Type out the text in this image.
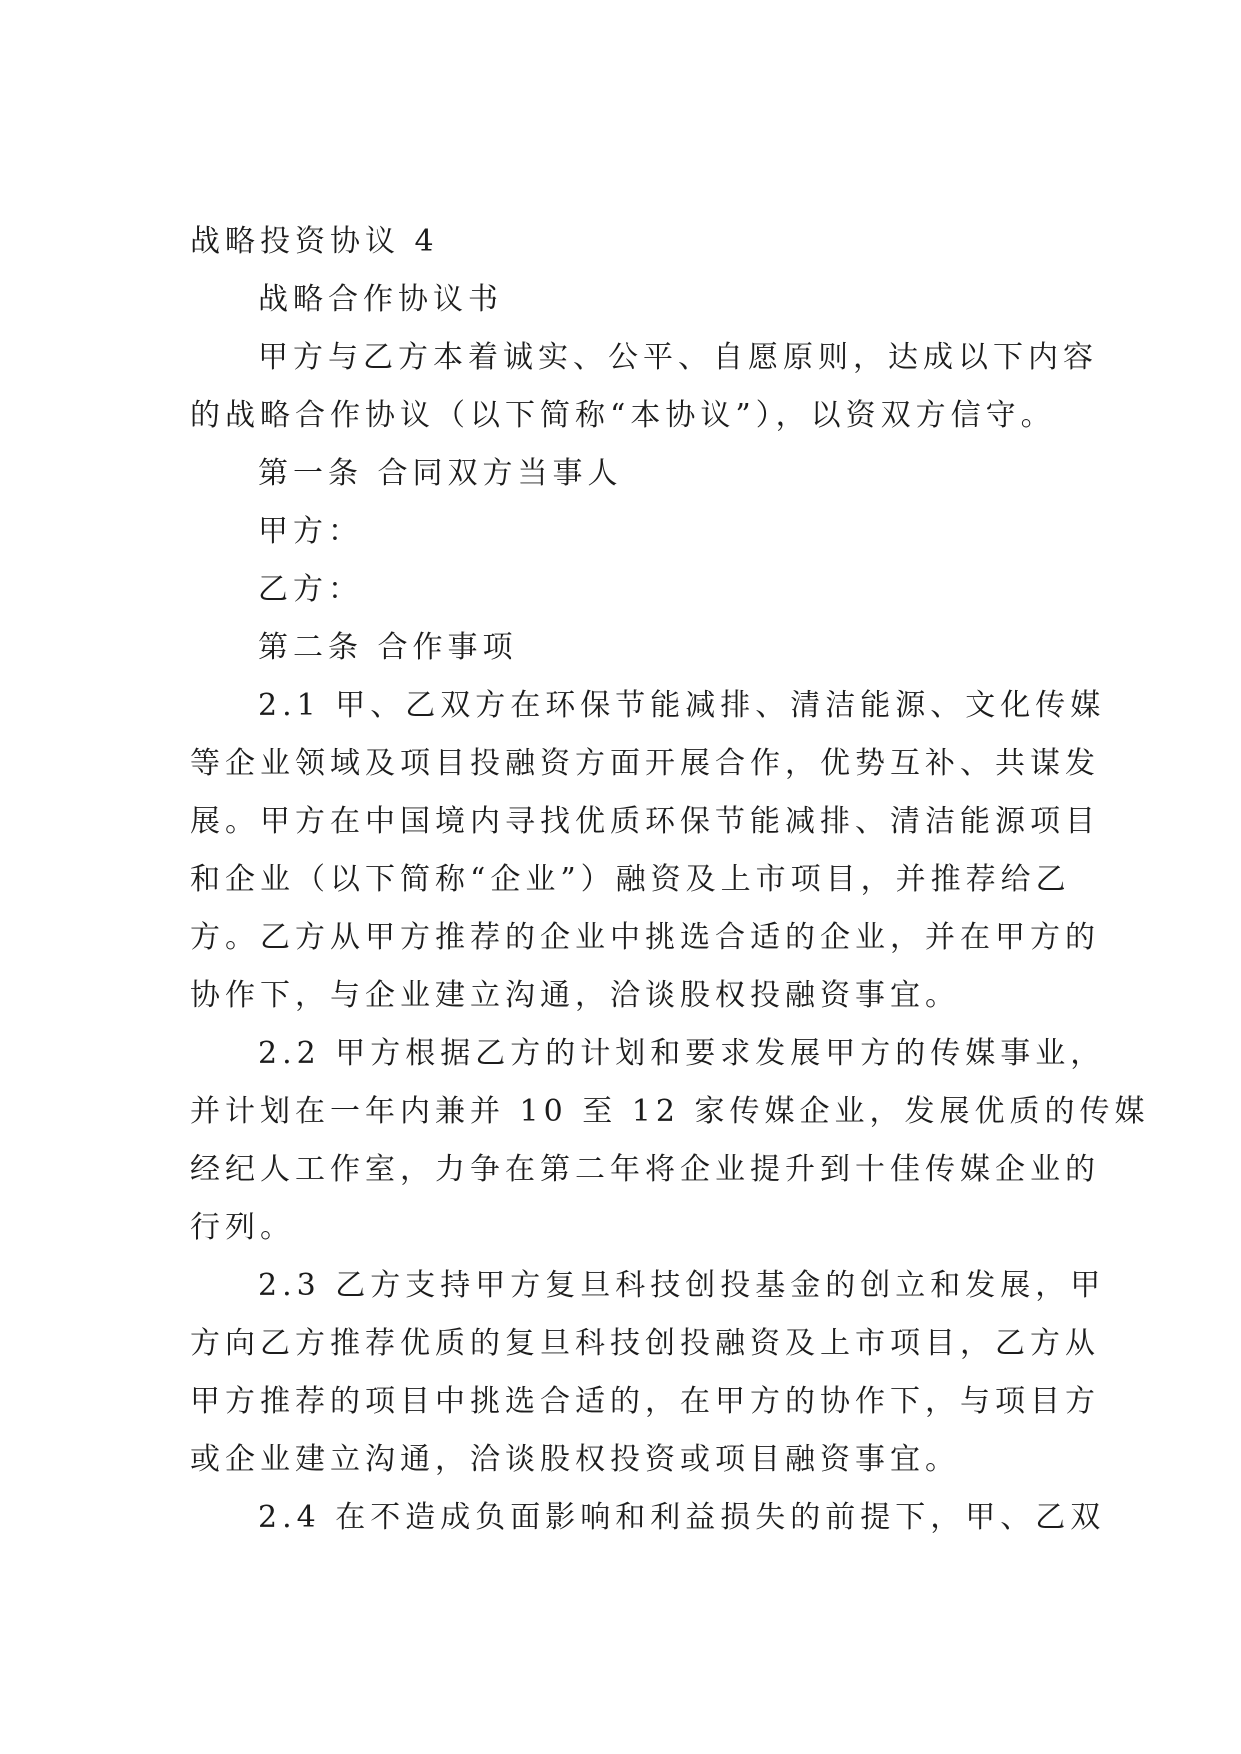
战略投资协议 4

战略合作协议书

甲方与乙方本着诚实、公平、自愿原则，达成以下内容

的战略合作协议（以下简称“本协议”），以资双方信守。

第一条 合同双方当事人

甲方：

乙方：

第二条 合作事项

2.1 甲、乙双方在环保节能减排、清洁能源、文化传媒

等企业领域及项目投融资方面开展合作，优势互补、共谋发

展。甲方在中国境内寻找优质环保节能减排、清洁能源项目

和企业（以下简称“企业”）融资及上市项目，并推荐给乙

方。乙方从甲方推荐的企业中挑选合适的企业，并在甲方的

协作下，与企业建立沟通，洽谈股权投融资事宜。

2.2 甲方根据乙方的计划和要求发展甲方的传媒事业，

并计划在一年内兼并 10 至 12 家传媒企业，发展优质的传媒

经纪人工作室，力争在第二年将企业提升到十佳传媒企业的

行列。

2.3 乙方支持甲方复旦科技创投基金的创立和发展，甲

方向乙方推荐优质的复旦科技创投融资及上市项目，乙方从

甲方推荐的项目中挑选合适的，在甲方的协作下，与项目方

或企业建立沟通，洽谈股权投资或项目融资事宜。

2.4 在不造成负面影响和利益损失的前提下，甲、乙双
